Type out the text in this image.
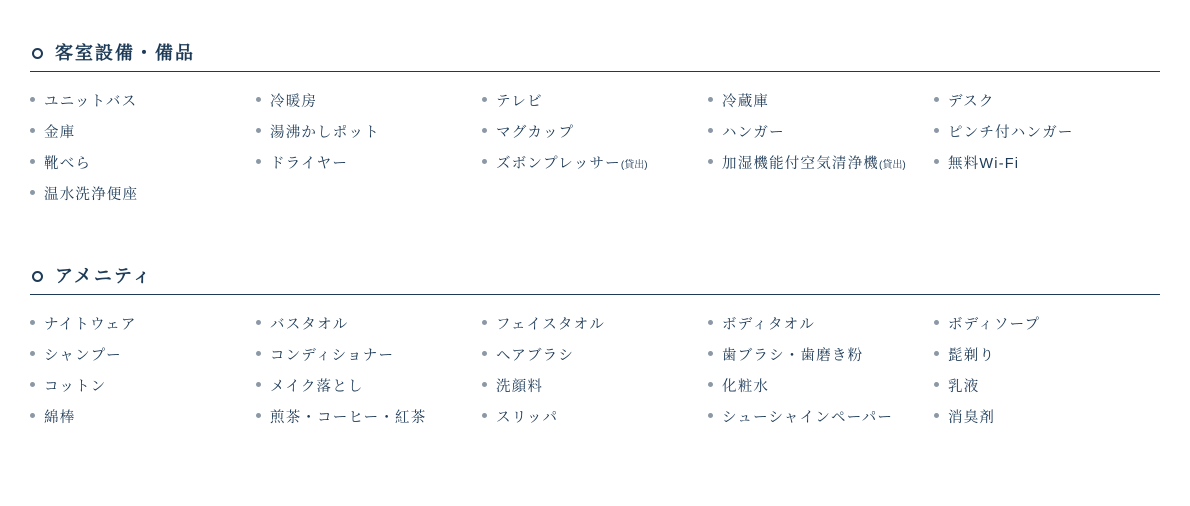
客室設備・備品
ユニットバス
金庫
靴べら
温水洗浄便座
冷暖房
湯沸かしポット
ドライヤー
テレビ
マグカップ
ズボンプレッサー(貸出)
冷蔵庫
ハンガー
加湿機能付空気清浄機(貸出)
デスク
ピンチ付ハンガー
無料Wi-Fi
アメニティ
ナイトウェア
シャンプー
コットン
綿棒
バスタオル
コンディショナー
メイク落とし
煎茶・コーヒー・紅茶
フェイスタオル
ヘアブラシ
洗顔料
スリッパ
ボディタオル
歯ブラシ・歯磨き粉
化粧水
シューシャインペーパー
ボディソープ
髭剃り
乳液
消臭剤
